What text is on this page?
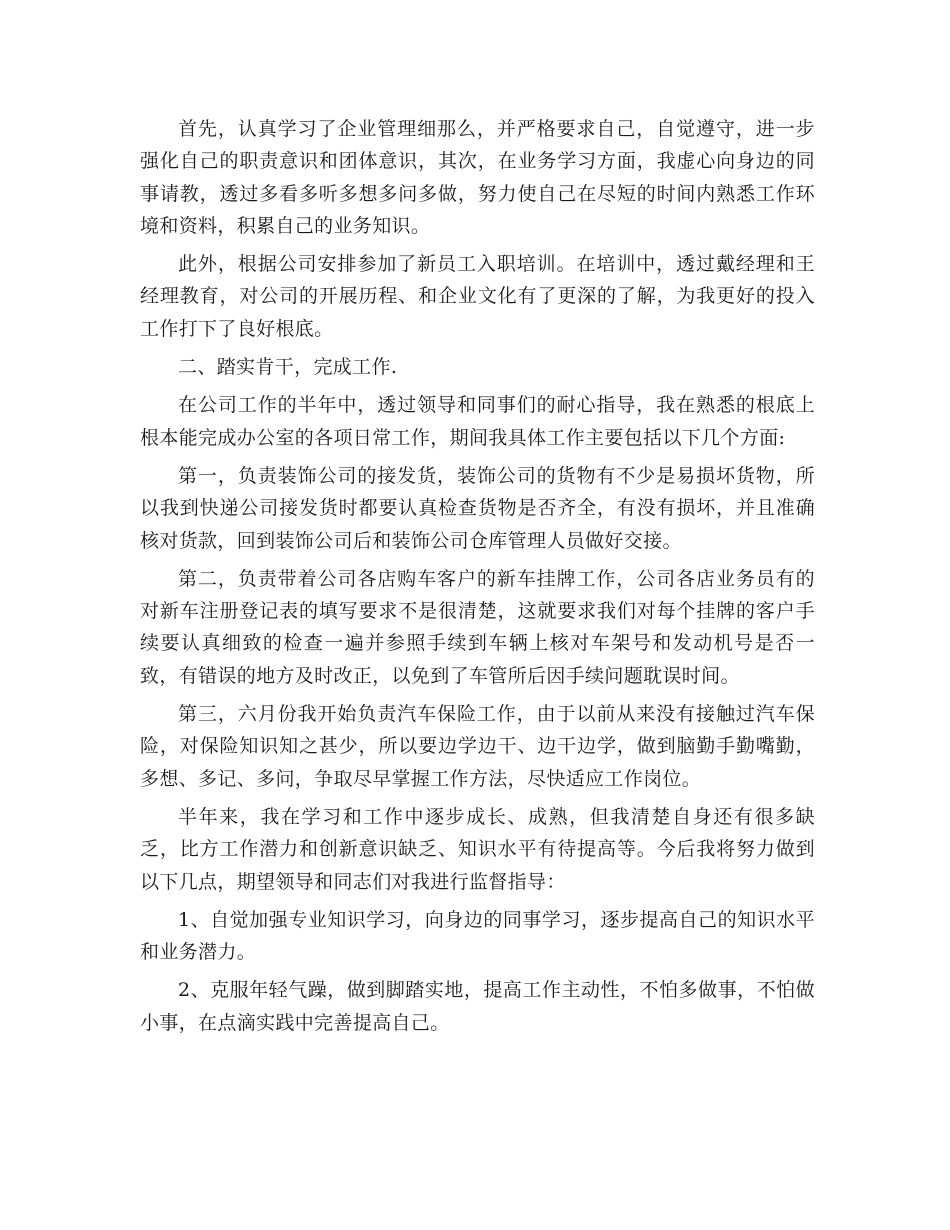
首先，认真学习了企业管理细那么，并严格要求自己，自觉遵守，进一步强化自己的职责意识和团体意识，其次，在业务学习方面，我虚心向身边的同事请教，透过多看多听多想多问多做，努力使自己在尽短的时间内熟悉工作环境和资料，积累自己的业务知识。

此外，根据公司安排参加了新员工入职培训。在培训中，透过戴经理和王经理教育，对公司的开展历程、和企业文化有了更深的了解，为我更好的投入工作打下了良好根底。

二、踏实肯干，完成工作.

在公司工作的半年中，透过领导和同事们的耐心指导，我在熟悉的根底上根本能完成办公室的各项日常工作，期间我具体工作主要包括以下几个方面:

第一，负责装饰公司的接发货，装饰公司的货物有不少是易损坏货物，所以我到快递公司接发货时都要认真检查货物是否齐全，有没有损坏，并且准确核对货款，回到装饰公司后和装饰公司仓库管理人员做好交接。

第二，负责带着公司各店购车客户的新车挂牌工作，公司各店业务员有的对新车注册登记表的填写要求不是很清楚，这就要求我们对每个挂牌的客户手续要认真细致的检查一遍并参照手续到车辆上核对车架号和发动机号是否一致，有错误的地方及时改正，以免到了车管所后因手续问题耽误时间。

第三，六月份我开始负责汽车保险工作，由于以前从来没有接触过汽车保险，对保险知识知之甚少，所以要边学边干、边干边学，做到脑勤手勤嘴勤，多想、多记、多问，争取尽早掌握工作方法，尽快适应工作岗位。

半年来，我在学习和工作中逐步成长、成熟，但我清楚自身还有很多缺乏，比方工作潜力和创新意识缺乏、知识水平有待提高等。今后我将努力做到以下几点，期望领导和同志们对我进行监督指导：

1、自觉加强专业知识学习，向身边的同事学习，逐步提高自己的知识水平和业务潜力。

2、克服年轻气躁，做到脚踏实地，提高工作主动性，不怕多做事，不怕做小事，在点滴实践中完善提高自己。
